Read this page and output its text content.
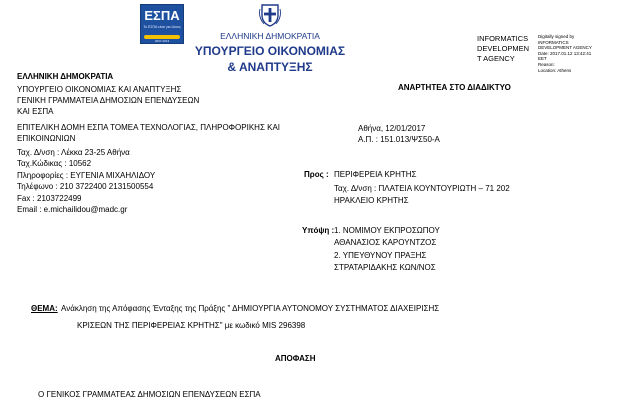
ΕΣΠΑ
Το ΕΣΠΑ είναι για όλους
2007-2013	ΕΛΛΗΝΙΚΗ ΔΗΜΟΚΡΑΤΙΑ
ΥΠΟΥΡΓΕΙΟ ΟΙΚΟΝΟΜΙΑΣ
& ΑΝΑΠΤΥΞΗΣ
INFORMATICS
DEVELOPMEN
T AGENCY
Digitally signed by
INFORMATICS
DEVELOPMENT AGENCY
Date: 2017.01.12 13:42:41
EET
Reason:
Location: Athens
ΕΛΛΗΝΙΚΗ ΔΗΜΟΚΡΑΤΙΑ
ΥΠΟΥΡΓΕΙΟ ΟΙΚΟΝΟΜΙΑΣ ΚΑΙ ΑΝΑΠΤΥΞΗΣ
ΓΕΝΙΚΗ ΓΡΑΜΜΑΤΕΙΑ ΔΗΜΟΣΙΩΝ ΕΠΕΝΔΥΣΕΩΝ
ΚΑΙ ΕΣΠΑ
ΕΠΙΤΕΛΙΚΗ ΔΟΜΗ ΕΣΠΑ ΤΟΜΕΑ ΤΕΧΝΟΛΟΓΙΑΣ, ΠΛΗΡΟΦΟΡΙΚΗΣ ΚΑΙ
ΕΠΙΚΟΙΝΩΝΙΩΝ
Ταχ. Δ/νση : Λέκκα 23-25 Αθήνα
Ταχ.Κώδικας : 10562
Πληροφορίες : ΕΥΓΕΝΙΑ ΜΙΧΑΗΛΙΔΟΥ
Τηλέφωνο : 210 3722400 2131500554
Fax : 2103722499
Email : e.michailidou@madc.gr
ΑΝΑΡΤΗΤΕΑ ΣΤΟ ΔΙΑΔΙΚΤΥΟ
Αθήνα, 12/01/2017
Α.Π. : 151.013/ΨΣ50-Α
Προς : ΠΕΡΙΦΕΡΕΙΑ ΚΡΗΤΗΣ
Ταχ. Δ/νση : ΠΛΑΤΕΙΑ ΚΟΥΝΤΟΥΡΙΩΤΗ – 71 202
ΗΡΑΚΛΕΙΟ ΚΡΗΤΗΣ
Υπόψη : 1. ΝΟΜΙΜΟΥ ΕΚΠΡΟΣΩΠΟΥ
ΑΘΑΝΑΣΙΟΣ ΚΑΡΟΥΝΤΖΟΣ
2. ΥΠΕΥΘΥΝΟΥ ΠΡΑΞΗΣ
ΣΤΡΑΤΑΡΙΔΑΚΗΣ ΚΩΝ/ΝΟΣ
ΘΕΜΑ: Ανάκληση της Απόφασης Ένταξης της Πράξης " ΔΗΜΙΟΥΡΓΙΑ ΑΥΤΟΝΟΜΟΥ ΣΥΣΤΗΜΑΤΟΣ ΔΙΑΧΕΙΡΙΣΗΣ
ΚΡΙΣΕΩΝ ΤΗΣ ΠΕΡΙΦΕΡΕΙΑΣ ΚΡΗΤΗΣ" με κωδικό MIS 296398
ΑΠΟΦΑΣΗ
Ο ΓΕΝΙΚΟΣ ΓΡΑΜΜΑΤΕΑΣ ΔΗΜΟΣΙΩΝ ΕΠΕΝΔΥΣΕΩΝ ΕΣΠΑ
